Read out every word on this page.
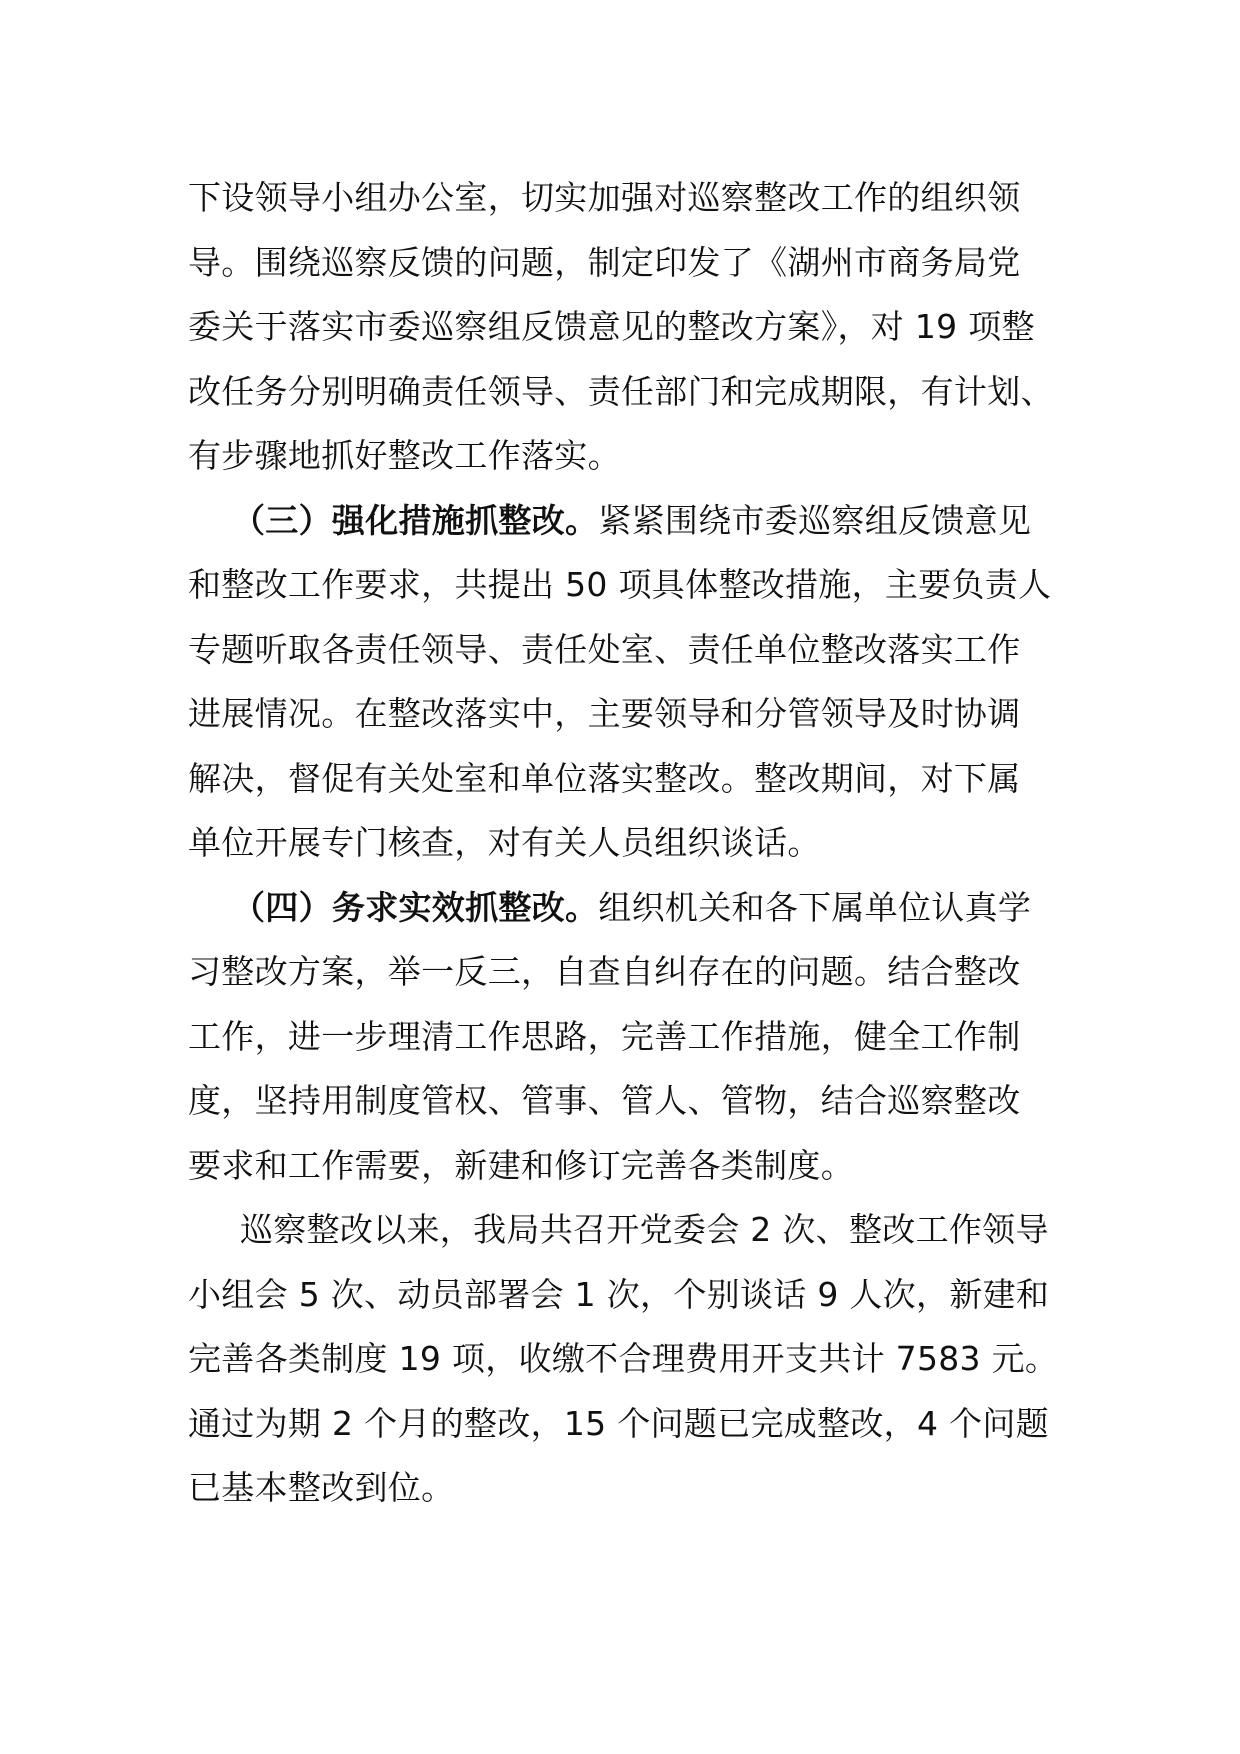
下设领导小组办公室，切实加强对巡察整改工作的组织领
导。围绕巡察反馈的问题，制定印发了《湖州市商务局党
委关于落实市委巡察组反馈意见的整改方案》，对 19 项整
改任务分别明确责任领导、责任部门和完成期限，有计划、
有步骤地抓好整改工作落实。
（三）强化措施抓整改。紧紧围绕市委巡察组反馈意见
和整改工作要求，共提出 50 项具体整改措施，主要负责人
专题听取各责任领导、责任处室、责任单位整改落实工作
进展情况。在整改落实中，主要领导和分管领导及时协调
解决，督促有关处室和单位落实整改。整改期间，对下属
单位开展专门核查，对有关人员组织谈话。
（四）务求实效抓整改。组织机关和各下属单位认真学
习整改方案，举一反三，自查自纠存在的问题。结合整改
工作，进一步理清工作思路，完善工作措施，健全工作制
度，坚持用制度管权、管事、管人、管物，结合巡察整改
要求和工作需要，新建和修订完善各类制度。
巡察整改以来，我局共召开党委会 2 次、整改工作领导
小组会 5 次、动员部署会 1 次，个别谈话 9 人次，新建和
完善各类制度 19 项，收缴不合理费用开支共计 7583 元。
通过为期 2 个月的整改，15 个问题已完成整改，4 个问题
已基本整改到位。
